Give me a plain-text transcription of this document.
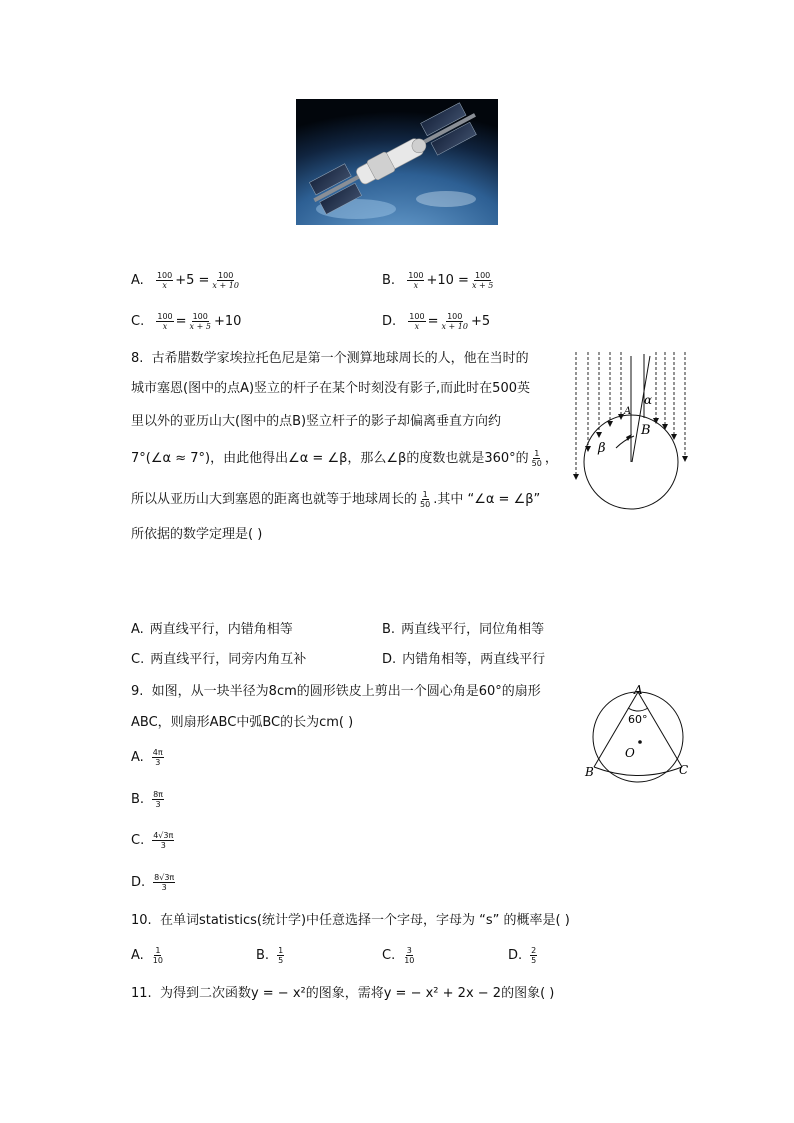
A. $\frac{100}{x} +5 = \frac{100}{x + 10}$	B. $\frac{100}{x} +10 = \frac{100}{x + 5}$
C. $\frac{100}{x} = \frac{100}{x + 5} +10$	D. $\frac{100}{x} = \frac{100}{x + 10} +5$
8. 古希腊数学家埃拉托色尼是第一个测算地球周长的人，他在当时的
城市塞恩(图中的点A)竖立的杆子在某个时刻没有影子,而此时在500英
里以外的亚历山大(图中的点B)竖立杆子的影子却偏离垂直方向约
7°(∠α ≈ 7°)，由此他得出∠α = ∠β，那么∠β的度数也就是360°的 $\frac{1}{50}$ ，
所以从亚历山大到塞恩的距离也就等于地球周长的 $\frac{1}{50}$ .其中 “∠α = ∠β”
所依据的数学定理是( )
α
β
B
A
A. 两直线平行，内错角相等	B. 两直线平行，同位角相等
C. 两直线平行，同旁内角互补	D. 内错角相等，两直线平行
9. 如图，从一块半径为8cm的圆形铁皮上剪出一个圆心角是60°的扇形
ABC，则扇形ABC中弧BC的长为cm( )
A
60°
O
B	C
A. $\frac{4\pi}{3}$
B. $\frac{8\pi}{3}$
C. $\frac{4√3\pi}{3}$
D. $\frac{8√3\pi}{3}$
10. 在单词statistics(统计学)中任意选择一个字母，字母为 “s” 的概率是( )
A. $\frac{1}{10}$	B. $\frac{1}{5}$	C. $\frac{3}{10}$	D. $\frac{2}{5}$
11. 为得到二次函数y = − x²的图象，需将y = − x² + 2x − 2的图象( )
